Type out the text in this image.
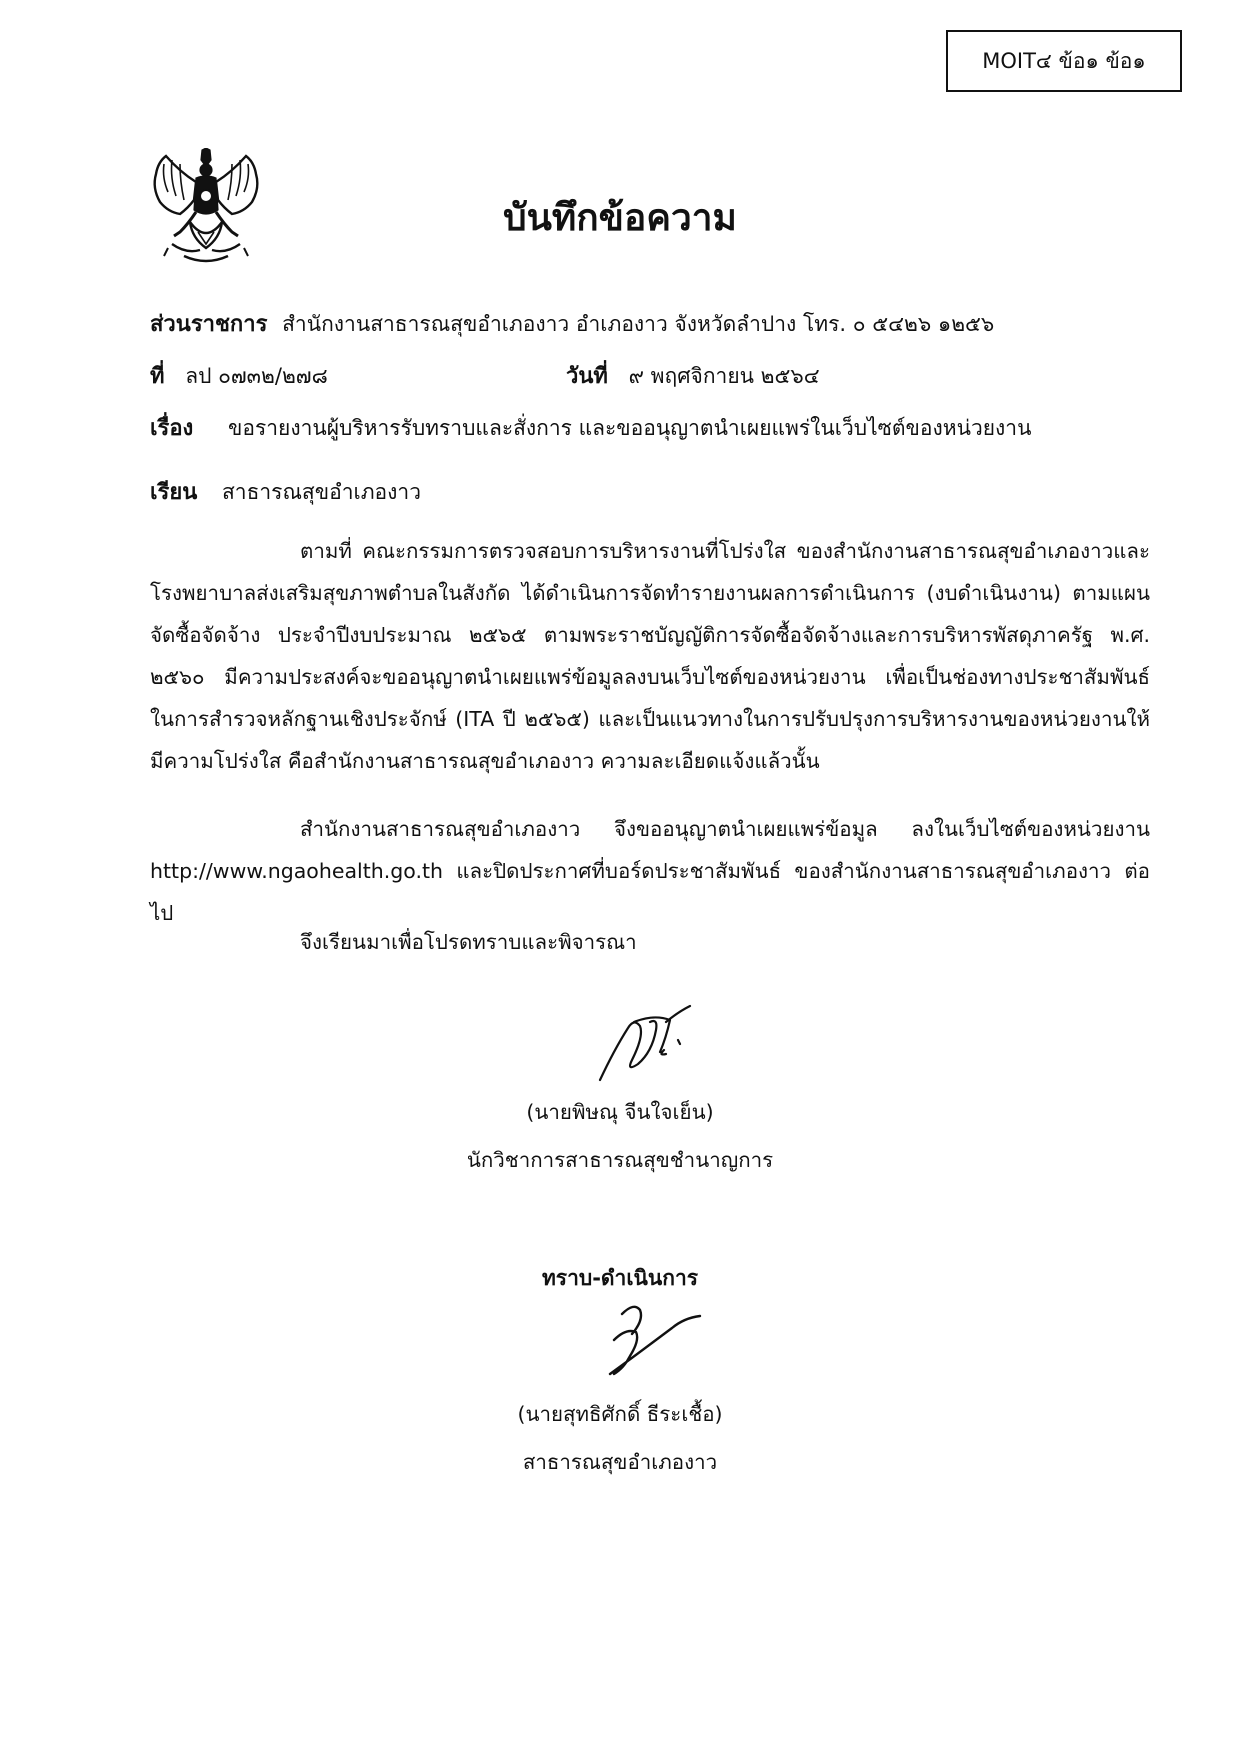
MOIT๔ ข้อ๑ ข้อ๑
บันทึกข้อความ
ส่วนราชการ สำนักงานสาธารณสุขอำเภองาว อำเภองาว จังหวัดลำปาง โทร. ๐ ๕๔๒๖ ๑๒๕๖
ที่ ลป ๐๗๓๒/๒๗๘	วันที่ ๙ พฤศจิกายน ๒๕๖๔
เรื่อง ขอรายงานผู้บริหารรับทราบและสั่งการ และขออนุญาตนำเผยแพร่ในเว็บไซต์ของหน่วยงาน
เรียน สาธารณสุขอำเภองาว

ตามที่ คณะกรรมการตรวจสอบการบริหารงานที่โปร่งใส ของสำนักงานสาธารณสุขอำเภองาวและโรงพยาบาลส่งเสริมสุขภาพตำบลในสังกัด ได้ดำเนินการจัดทำรายงานผลการดำเนินการ (งบดำเนินงาน) ตามแผนจัดซื้อจัดจ้าง ประจำปีงบประมาณ ๒๕๖๕ ตามพระราชบัญญัติการจัดซื้อจัดจ้างและการบริหารพัสดุภาครัฐ พ.ศ. ๒๕๖๐ มีความประสงค์จะขออนุญาตนำเผยแพร่ข้อมูลลงบนเว็บไซต์ของหน่วยงาน เพื่อเป็นช่องทางประชาสัมพันธ์ ในการสำรวจหลักฐานเชิงประจักษ์ (ITA ปี ๒๕๖๕) และเป็นแนวทางในการปรับปรุงการบริหารงานของหน่วยงานให้มีความโปร่งใส คือสำนักงานสาธารณสุขอำเภองาว ความละเอียดแจ้งแล้วนั้น

สำนักงานสาธารณสุขอำเภองาว จึงขออนุญาตนำเผยแพร่ข้อมูล ลงในเว็บไซต์ของหน่วยงาน http://www.ngaohealth.go.th และปิดประกาศที่บอร์ดประชาสัมพันธ์ ของสำนักงานสาธารณสุขอำเภองาว ต่อไป

จึงเรียนมาเพื่อโปรดทราบและพิจารณา
(นายพิษณุ จีนใจเย็น)
นักวิชาการสาธารณสุขชำนาญการ
ทราบ-ดำเนินการ
(นายสุทธิศักดิ์ ธีระเชื้อ)
สาธารณสุขอำเภองาว
